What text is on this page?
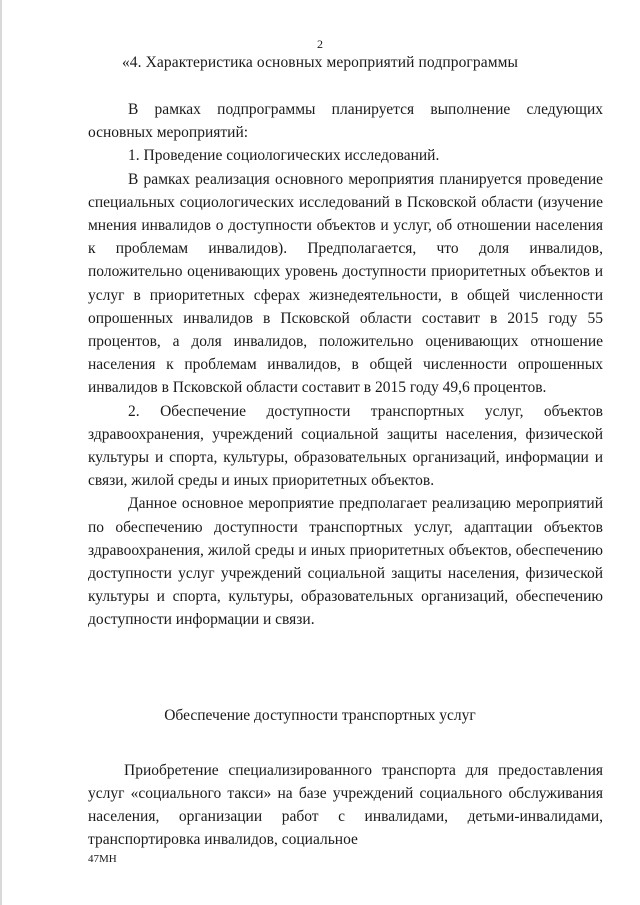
2
«4. Характеристика основных мероприятий подпрограммы

В рамках подпрограммы планируется выполнение следующих основных мероприятий:

1. Проведение социологических исследований.

В рамках реализация основного мероприятия планируется проведение специальных социологических исследований в Псковской области (изучение мнения инвалидов о доступности объектов и услуг, об отношении населения к проблемам инвалидов). Предполагается, что доля инвалидов, положительно оценивающих уровень доступности приоритетных объектов и услуг в приоритетных сферах жизнедеятельности, в общей численности опрошенных инвалидов в Псковской области составит в 2015 году 55 процентов, а доля инвалидов, положительно оценивающих отношение населения к проблемам инвалидов, в общей численности опрошенных инвалидов в Псковской области составит в 2015 году 49,6 процентов.

2. Обеспечение доступности транспортных услуг, объектов здравоохранения, учреждений социальной защиты населения, физической культуры и спорта, культуры, образовательных организаций, информации и связи, жилой среды и иных приоритетных объектов.

Данное основное мероприятие предполагает реализацию мероприятий по обеспечению доступности транспортных услуг, адаптации объектов здравоохранения, жилой среды и иных приоритетных объектов, обеспечению доступности услуг учреждений социальной защиты населения, физической культуры и спорта, культуры, образовательных организаций, обеспечению доступности информации и связи.

Обеспечение доступности транспортных услуг

Приобретение специализированного транспорта для предоставления услуг «социального такси» на базе учреждений социального обслуживания населения, организации работ с инвалидами, детьми-инвалидами, транспортировка инвалидов, социальное

47МН
